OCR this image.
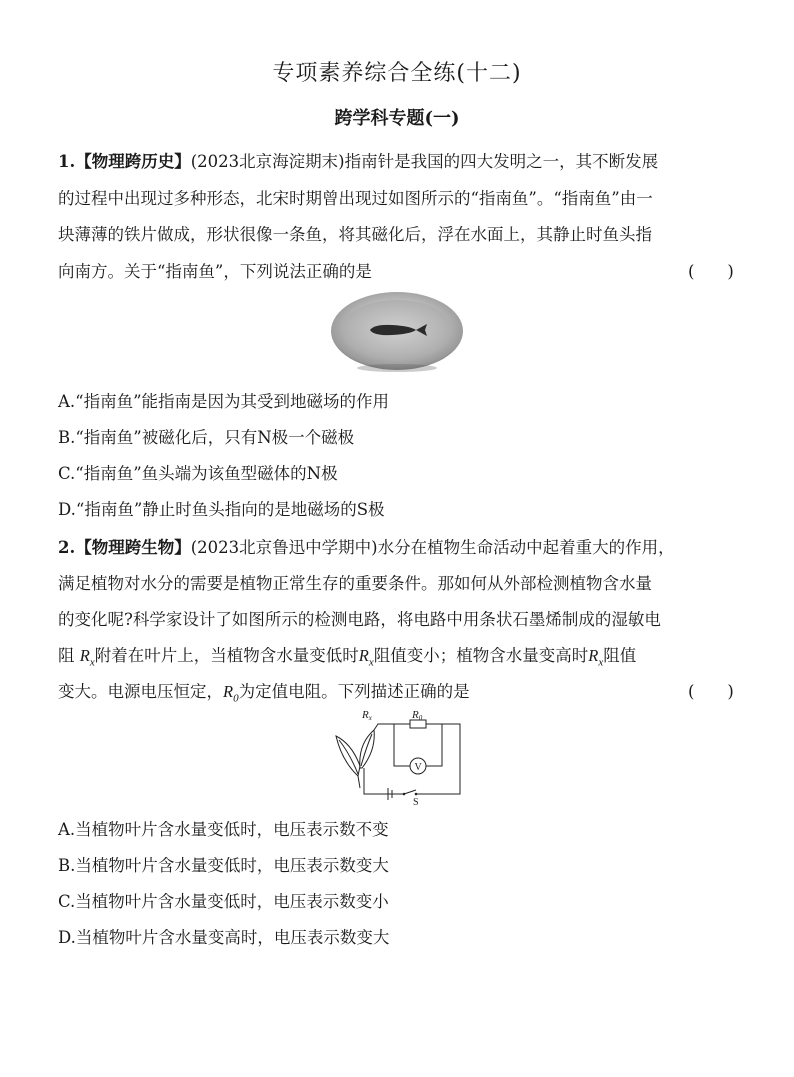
专项素养综合全练(十二)
跨学科专题(一)
1.【物理跨历史】(2023北京海淀期末)指南针是我国的四大发明之一，其不断发展
的过程中出现过多种形态，北宋时期曾出现过如图所示的“指南鱼”。“指南鱼”由一
块薄薄的铁片做成，形状很像一条鱼，将其磁化后，浮在水面上，其静止时鱼头指
向南方。关于“指南鱼”，下列说法正确的是	(　　)
A.“指南鱼”能指南是因为其受到地磁场的作用
B.“指南鱼”被磁化后，只有N极一个磁极
C.“指南鱼”鱼头端为该鱼型磁体的N极
D.“指南鱼”静止时鱼头指向的是地磁场的S极
2.【物理跨生物】(2023北京鲁迅中学期中)水分在植物生命活动中起着重大的作用，
满足植物对水分的需要是植物正常生存的重要条件。那如何从外部检测植物含水量
的变化呢?科学家设计了如图所示的检测电路，将电路中用条状石墨烯制成的湿敏电
阻 $R_x$附着在叶片上，当植物含水量变低时$R_x$阻值变小；植物含水量变高时$R_x$阻值
变大。电源电压恒定，$R_0$为定值电阻。下列描述正确的是	(　　)
Rx	R0
V
S
A.当植物叶片含水量变低时，电压表示数不变
B.当植物叶片含水量变低时，电压表示数变大
C.当植物叶片含水量变低时，电压表示数变小
D.当植物叶片含水量变高时，电压表示数变大
